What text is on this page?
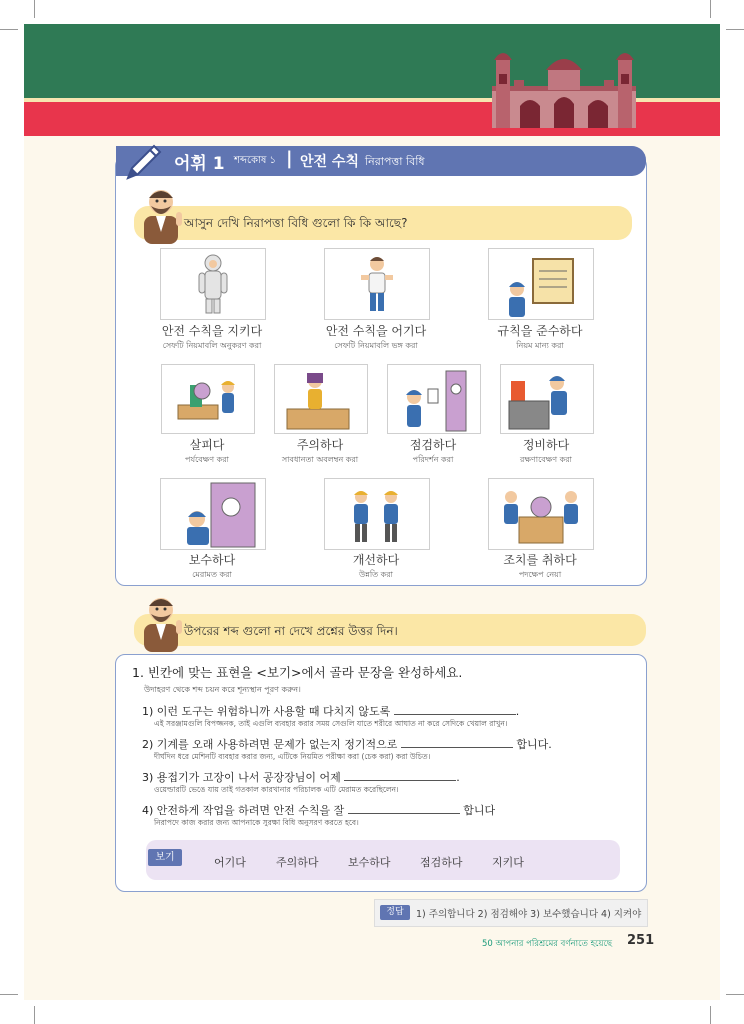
어휘 1 শব্দকোষ ১ | 안전 수칙 নিরাপত্তা বিধি
আসুন দেখি নিরাপত্তা বিধি গুলো কি কি আছে?
안전 수칙을 지키다
সেফটি নিয়মাবলি অনুকরণ করা
안전 수칙을 어기다
সেফটি নিয়মাবলি ভঙ্গ করা
규칙을 준수하다
নিয়ম মান্য করা
살피다
পর্যবেক্ষণ করা
주의하다
সাবধানতা অবলম্বন করা
점검하다
পরিদর্শন করা
정비하다
রক্ষণাবেক্ষণ করা
보수하다
মেরামত করা
개선하다
উন্নতি করা
조치를 취하다
পদক্ষেপ নেয়া
উপরের শব্দ গুলো না দেখে প্রশ্নের উত্তর দিন।
1. 빈칸에 맞는 표현을 <보기>에서 골라 문장을 완성하세요.
উদাহরণ থেকে শব্দ চয়ন করে শূন্যস্থান পূরণ করুন।
1) 이런 도구는 위험하니까 사용할 때 다치지 않도록	.
এই সরঞ্জামগুলি বিপজ্জনক, তাই এগুলি ব্যবহার করার সময় সেগুলি যাতে শরীরে আঘাত না করে সেদিকে খেয়াল রাখুন।
2) 기계를 오래 사용하려면 문제가 없는지 정기적으로	합니다.
দীর্ঘদিন ধরে মেশিনটি ব্যবহার করার জন্য, এটিকে নিয়মিত পরীক্ষা করা (চেক করা) করা উচিত।
3) 용접기가 고장이 나서 공장장님이 어제	.
ওয়েল্ডারটি ভেঙে যায় তাই গতকাল কারখানার পরিচালক এটি মেরামত করেছিলেন।
4) 안전하게 작업을 하려면 안전 수칙을 잘	합니다
নিরাপদে কাজ করার জন্য আপনাকে সুরক্ষা বিধি অনুসরণ করতে হবে।
보기	어기다	주의하다	보수하다	점검하다	지키다
정답	1) 주의합니다 2) 점검해야 3) 보수했습니다 4) 지켜야
50 আপনার পরিশ্রমের বর্ণনাতে হয়েছে 251
